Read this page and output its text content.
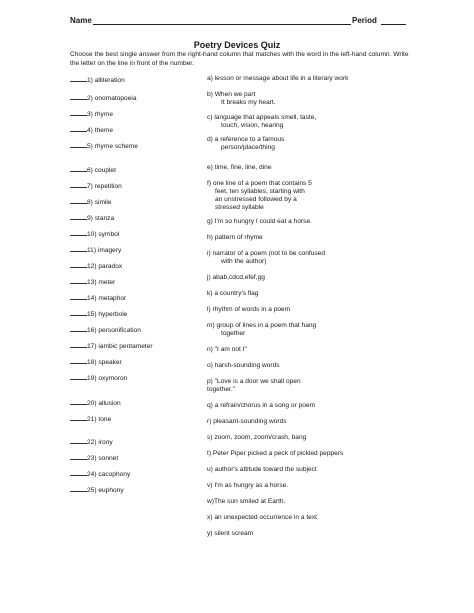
Name	Period
Poetry Devices Quiz
Choose the best single answer from the right-hand column that matches with the word in the left-hand column. Write the letter on the line in front of the number.
1) alliteration
2) onomatopoeia
3) rhyme
4) theme
5) rhyme scheme
6) couplet
7) repetition
8) simile
9) stanza
10) symbol
11) imagery
12) paradox
13) meter
14) metaphor
15) hyperbole
16) personification
17) iambic pentameter
18) speaker
19) oxymoron
20) allusion
21) tone
22) irony
23) sonnet
24) cacophony
25) euphony
a) lesson or message about life in a literary work
b) When we part
It breaks my heart.
c) language that appeals smell, taste,
touch, vision, hearing
d) a reference to a famous
person/place/thing
e) time, fine, line, dine
f) one line of a poem that contains 5
feet, ten syllables, starting with
an unstressed followed by a
stressed syllable
g) I'm so hungry I could eat a horse.
h) pattern of rhyme
i) narrator of a poem (not to be confused
with the author)
j) abab,cdcd,efef,gg
k) a country's flag
l) rhythm of words in a poem
m) group of lines in a poem that hang
together
n) "I am not I"
o) harsh-sounding words
p) "Love is a door we shall open
together."
q) a refrain/chorus in a song or poem
r) pleasant-sounding words
s) zoom, zoom, zoom/crash, bang
t) Peter Piper picked a peck of pickled peppers
u) author's attitude toward the subject
v) I'm as hungry as a horse.
w)The sun smiled at Earth.
x) an unexpected occurrence in a text
y) silent scream
